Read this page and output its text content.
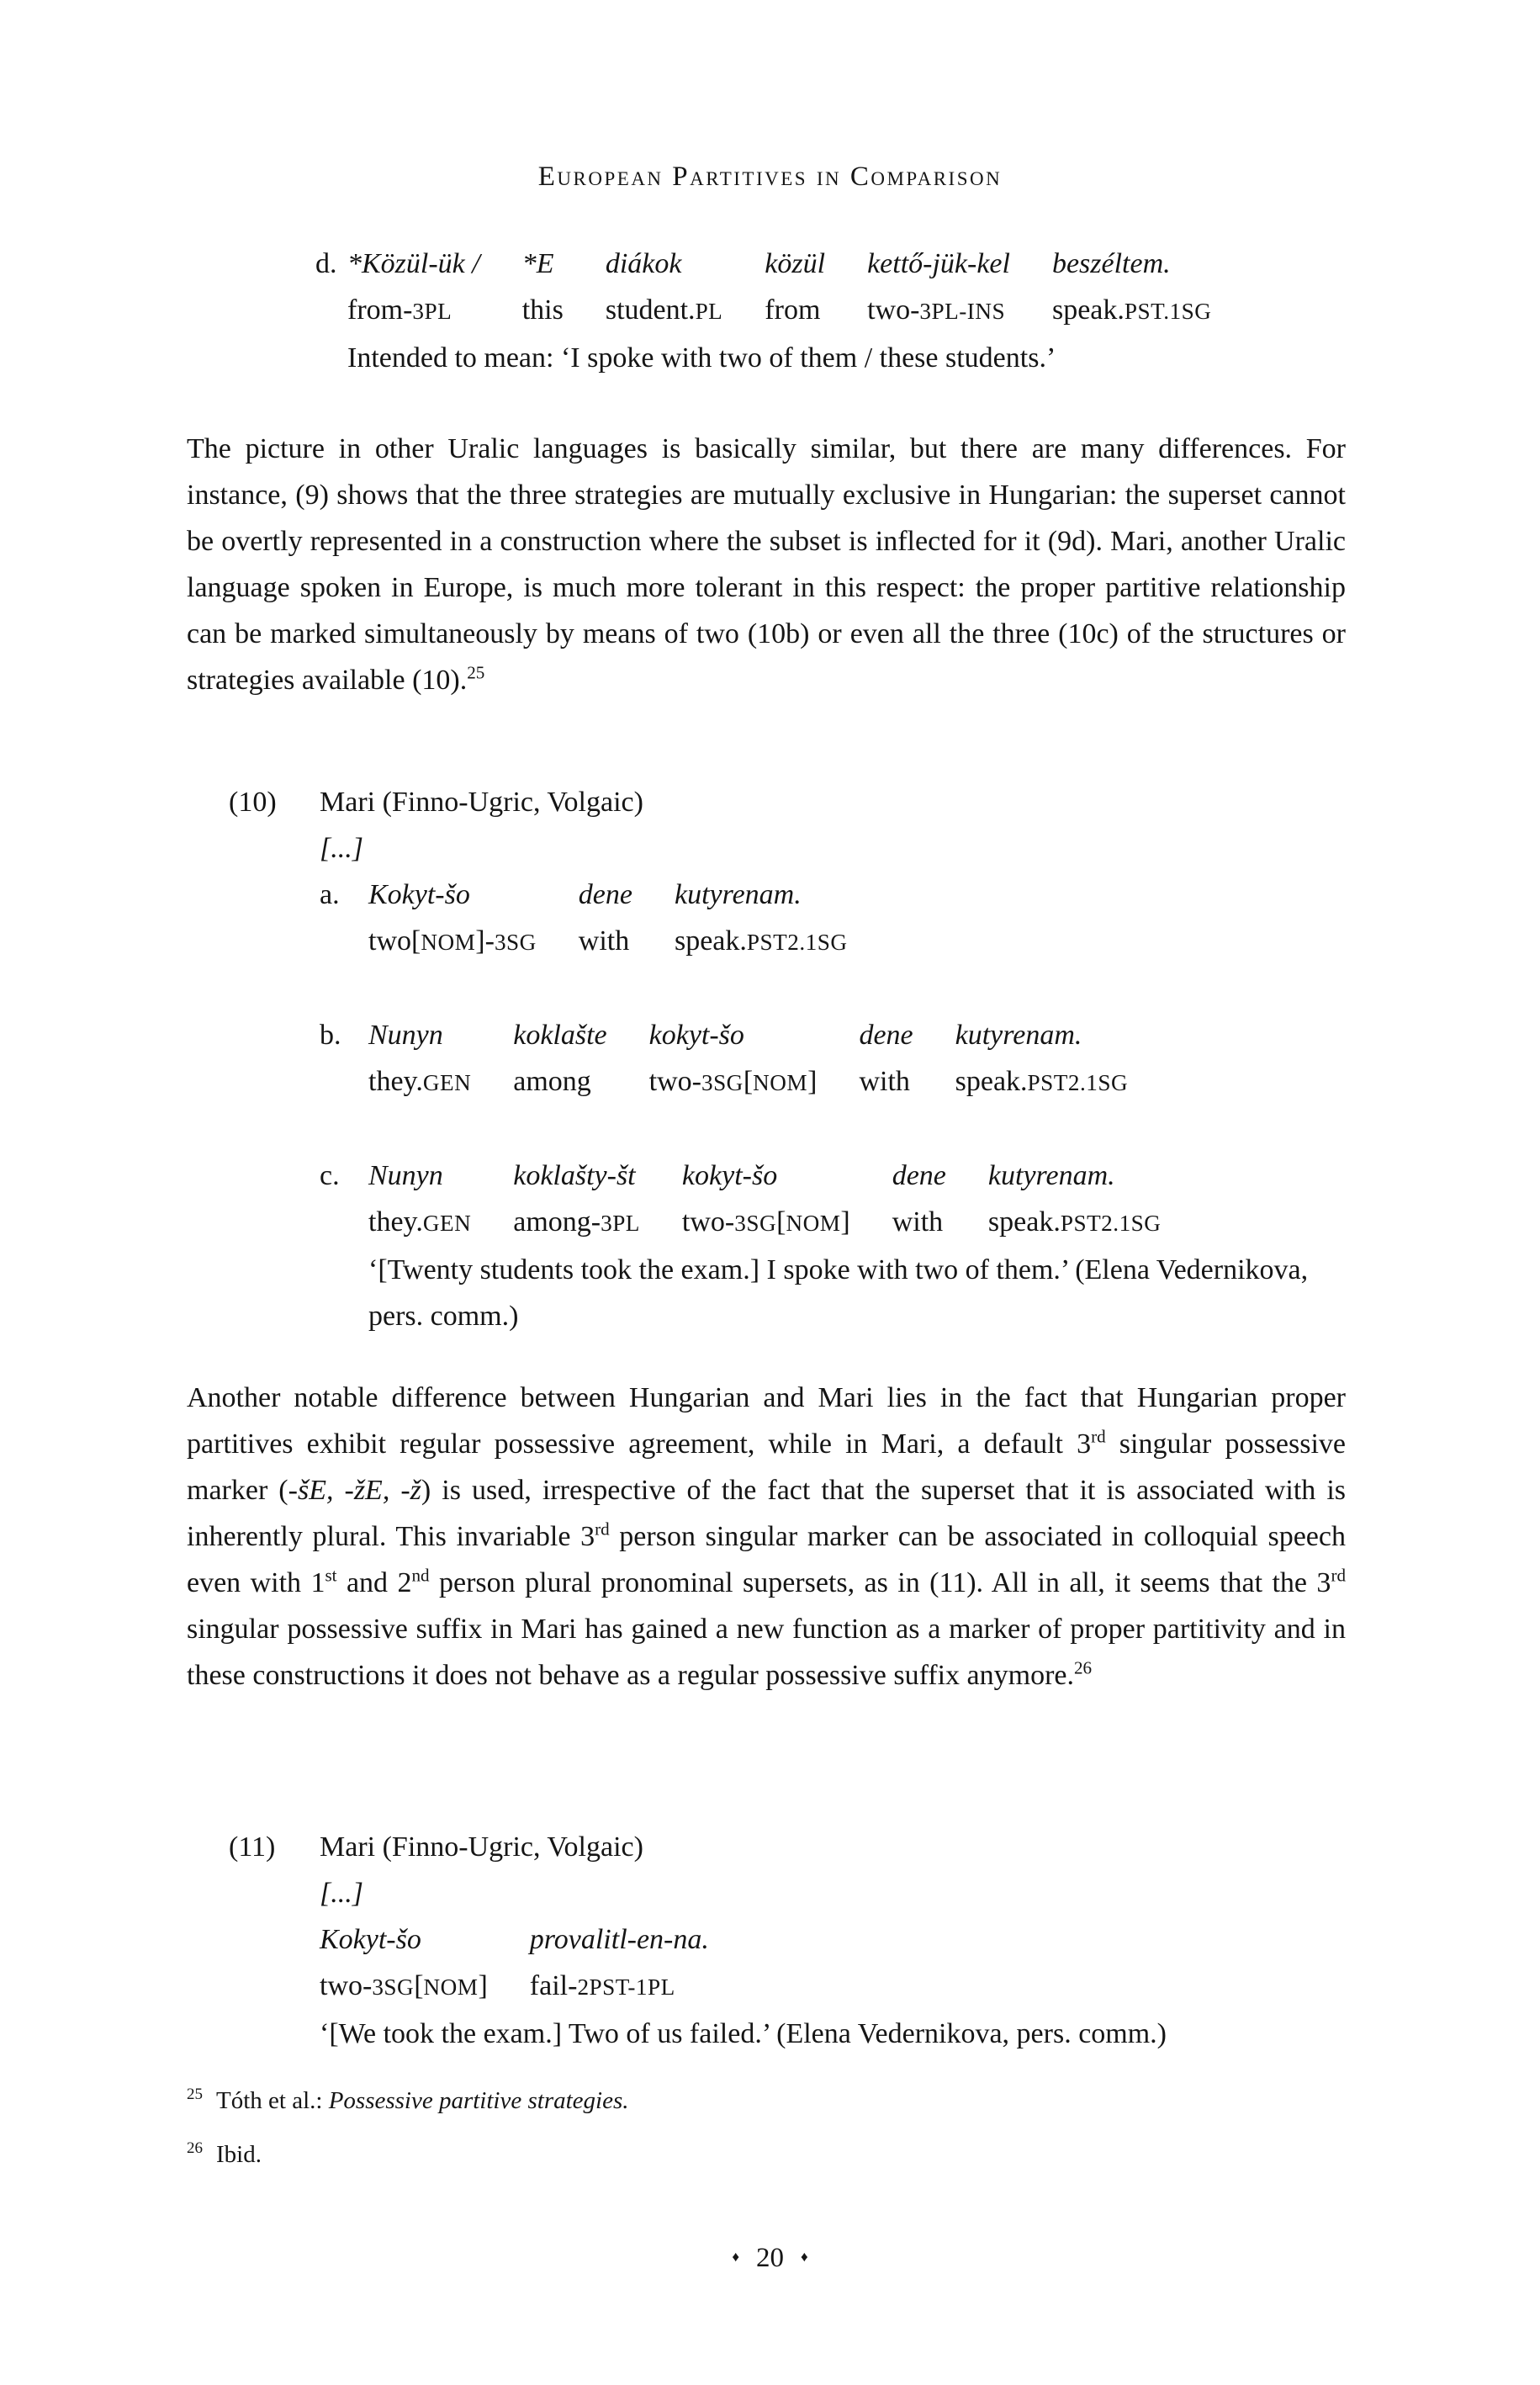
European Partitives in Comparison
d. *Közül-ük /	*E	diákok	közül	kettő-jük-kel	beszéltem.
from-3PL	this	student.PL	from	two-3PL-INS	speak.PST.1SG
Intended to mean: ‘I spoke with two of them / these students.’
The picture in other Uralic languages is basically similar, but there are many differences. For instance, (9) shows that the three strategies are mutually exclusive in Hungarian: the superset cannot be overtly represented in a construction where the subset is inflected for it (9d). Mari, another Uralic language spoken in Europe, is much more tolerant in this respect: the proper partitive relationship can be marked simultaneously by means of two (10b) or even all the three (10c) of the structures or strategies available (10).$^{25}$
(10)	Mari (Finno-Ugric, Volgaic)
[...]
a.	Kokyt-šo	dene	kutyrenam.
two[NOM]-3SG	with	speak.PST2.1SG
b. Nunyn	koklašte	kokyt-šo	dene	kutyrenam.
they.GEN	among	two-3SG[NOM]	with	speak.PST2.1SG
c.	Nunyn	koklašty-št	kokyt-šo	dene	kutyrenam.
they.GEN	among-3PL	two-3SG[NOM]	with	speak.PST2.1SG
‘[Twenty students took the exam.] I spoke with two of them.’ (Elena Vedernikova, pers. comm.)
Another notable difference between Hungarian and Mari lies in the fact that Hungarian proper partitives exhibit regular possessive agreement, while in Mari, a default 3rd singular possessive marker (-šE, -žE, -ž) is used, irrespective of the fact that the superset that it is associated with is inherently plural. This invariable 3rd person singular marker can be associated in colloquial speech even with 1st and 2nd person plural pronominal supersets, as in (11). All in all, it seems that the 3rd singular possessive suffix in Mari has gained a new function as a marker of proper partitivity and in these constructions it does not behave as a regular possessive suffix anymore.$^{26}$
(11)	Mari (Finno-Ugric, Volgaic)
[...]
Kokyt-šo	provalitl-en-na.
two-3SG[NOM]	fail-2PST-1PL
‘[We took the exam.] Two of us failed.’ (Elena Vedernikova, pers. comm.)
$^{25}$ Tóth et al.: Possessive partitive strategies.
$^{26}$ Ibid.
♦ 20 ♦
